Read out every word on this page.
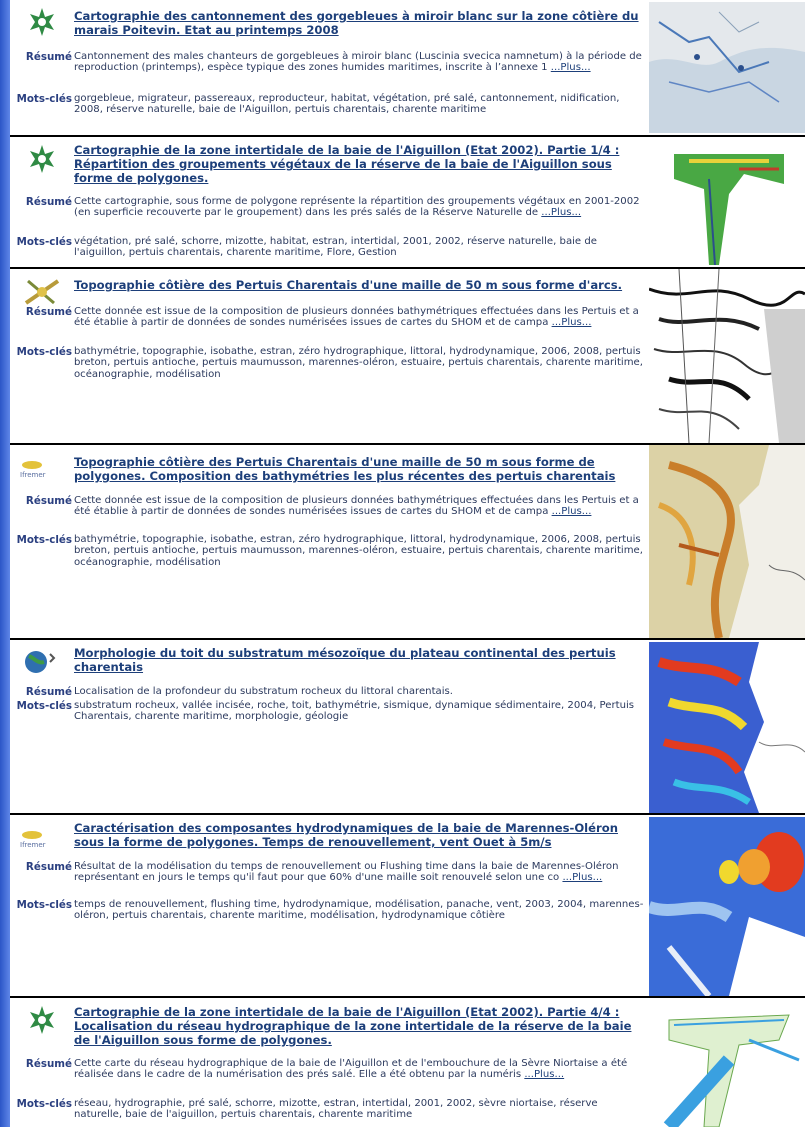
Cartographie des cantonnement des gorgebleues à miroir blanc sur la zone côtière du marais Poitevin. Etat au printemps 2008
Résumé Cantonnement des males chanteurs de gorgebleues à miroir blanc (Luscinia svecica namnetum) à la période de reproduction (printemps), espèce typique des zones humides maritimes, inscrite à l’annexe 1 ...Plus...
Mots-clés gorgebleue, migrateur, passereaux, reproducteur, habitat, végétation, pré salé, cantonnement, nidification, 2008, réserve naturelle, baie de l'Aiguillon, pertuis charentais, charente maritime
Cartographie de la zone intertidale de la baie de l'Aiguillon (Etat 2002). Partie 1/4 : Répartition des groupements végétaux de la réserve de la baie de l'Aiguillon sous forme de polygones.
Résumé Cette cartographie, sous forme de polygone représente la répartition des groupements végétaux en 2001-2002 (en superficie recouverte par le groupement) dans les prés salés de la Réserve Naturelle de ...Plus...
Mots-clés végétation, pré salé, schorre, mizotte, habitat, estran, intertidal, 2001, 2002, réserve naturelle, baie de l'aiguillon, pertuis charentais, charente maritime, Flore, Gestion
Topographie côtière des Pertuis Charentais d'une maille de 50 m sous forme d'arcs.
Résumé Cette donnée est issue de la composition de plusieurs données bathymétriques effectuées dans les Pertuis et a été établie à partir de données de sondes numérisées issues de cartes du SHOM et de campa ...Plus...
Mots-clés bathymétrie, topographie, isobathe, estran, zéro hydrographique, littoral, hydrodynamique, 2006, 2008, pertuis breton, pertuis antioche, pertuis maumusson, marennes-oléron, estuaire, pertuis charentais, charente maritime, océanographie, modélisation
Ifremer
Topographie côtière des Pertuis Charentais d'une maille de 50 m sous forme de polygones. Composition des bathymétries les plus récentes des pertuis charentais
Résumé Cette donnée est issue de la composition de plusieurs données bathymétriques effectuées dans les Pertuis et a été établie à partir de données de sondes numérisées issues de cartes du SHOM et de campa ...Plus...
Mots-clés bathymétrie, topographie, isobathe, estran, zéro hydrographique, littoral, hydrodynamique, 2006, 2008, pertuis breton, pertuis antioche, pertuis maumusson, marennes-oléron, estuaire, pertuis charentais, charente maritime, océanographie, modélisation
Morphologie du toit du substratum mésozoïque du plateau continental des pertuis charentais
Résumé Localisation de la profondeur du substratum rocheux du littoral charentais.
Mots-clés substratum rocheux, vallée incisée, roche, toit, bathymétrie, sismique, dynamique sédimentaire, 2004, Pertuis Charentais, charente maritime, morphologie, géologie
Ifremer
Caractérisation des composantes hydrodynamiques de la baie de Marennes-Oléron sous la forme de polygones. Temps de renouvellement, vent Ouet à 5m/s
Résumé Résultat de la modélisation du temps de renouvellement ou Flushing time dans la baie de Marennes-Oléron représentant en jours le temps qu'il faut pour que 60% d'une maille soit renouvelé selon une co ...Plus...
Mots-clés temps de renouvellement, flushing time, hydrodynamique, modélisation, panache, vent, 2003, 2004, marennes-oléron, pertuis charentais, charente maritime, modélisation, hydrodynamique côtière
Cartographie de la zone intertidale de la baie de l'Aiguillon (Etat 2002). Partie 4/4 : Localisation du réseau hydrographique de la zone intertidale de la réserve de la baie de l'Aiguillon sous forme de polygones.
Résumé Cette carte du réseau hydrographique de la baie de l'Aiguillon et de l'embouchure de la Sèvre Niortaise a été réalisée dans le cadre de la numérisation des prés salé. Elle a été obtenu par la numéris ...Plus...
Mots-clés réseau, hydrographie, pré salé, schorre, mizotte, estran, intertidal, 2001, 2002, sèvre niortaise, réserve naturelle, baie de l'aiguillon, pertuis charentais, charente maritime
